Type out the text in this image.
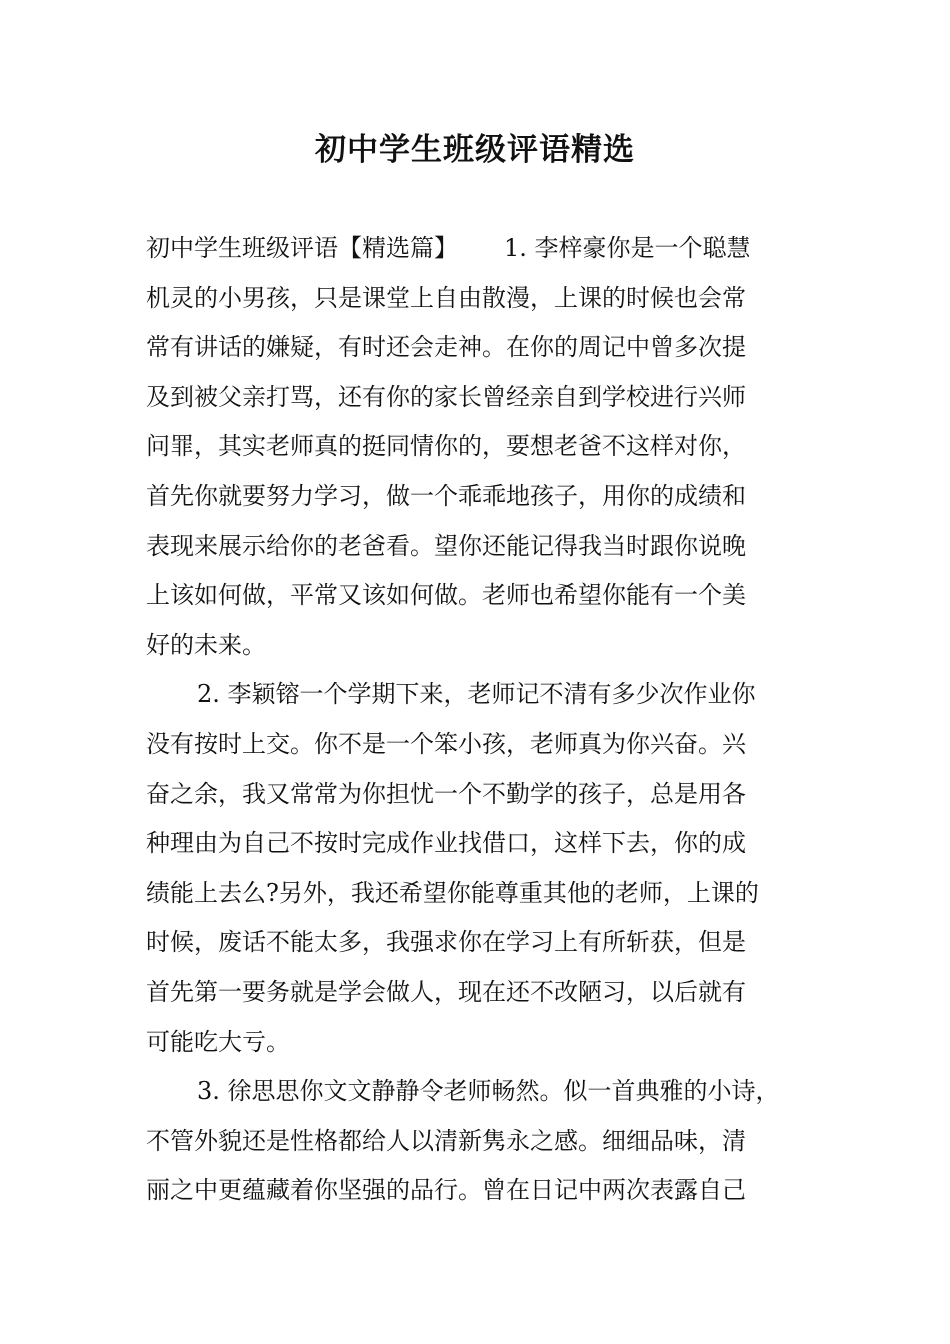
初中学生班级评语精选
初中学生班级评语【精选篇】 1. 李梓豪你是一个聪慧
机灵的小男孩，只是课堂上自由散漫，上课的时候也会常
常有讲话的嫌疑，有时还会走神。在你的周记中曾多次提
及到被父亲打骂，还有你的家长曾经亲自到学校进行兴师
问罪，其实老师真的挺同情你的，要想老爸不这样对你，
首先你就要努力学习，做一个乖乖地孩子，用你的成绩和
表现来展示给你的老爸看。望你还能记得我当时跟你说晚
上该如何做，平常又该如何做。老师也希望你能有一个美
好的未来。
2. 李颖镕一个学期下来，老师记不清有多少次作业你
没有按时上交。你不是一个笨小孩，老师真为你兴奋。兴
奋之余，我又常常为你担忧一个不勤学的孩子，总是用各
种理由为自己不按时完成作业找借口，这样下去，你的成
绩能上去么?另外，我还希望你能尊重其他的老师，上课的
时候，废话不能太多，我强求你在学习上有所斩获，但是
首先第一要务就是学会做人，现在还不改陋习，以后就有
可能吃大亏。
3. 徐思思你文文静静令老师畅然。似一首典雅的小诗，
不管外貌还是性格都给人以清新隽永之感。细细品味，清
丽之中更蕴藏着你坚强的品行。曾在日记中两次表露自己
